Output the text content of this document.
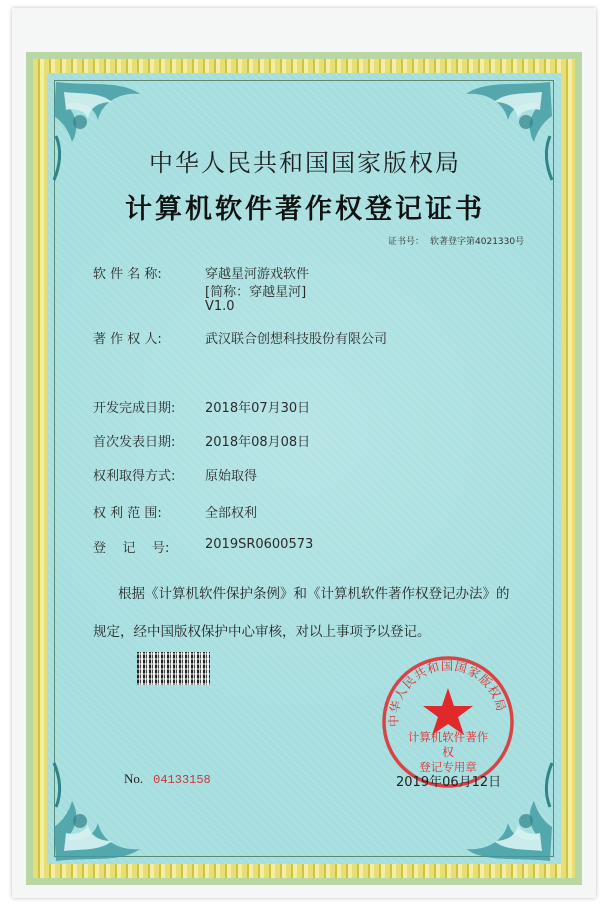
中华人民共和国国家版权局
计算机软件著作权登记证书
证书号： 软著登字第4021330号
软 件 名 称:	穿越星河游戏软件
[简称：穿越星河]
V1.0
著 作 权 人:	武汉联合创想科技股份有限公司
开发完成日期: 2018年07月30日
首次发表日期: 2018年08月08日
权利取得方式: 原始取得
权 利 范 围:	全部权利
登    记    号:	2019SR0600573
根据《计算机软件保护条例》和《计算机软件著作权登记办法》的
规定，经中国版权保护中心审核，对以上事项予以登记。
中华人民共和国国家版权局
计算机软件著作权
登记专用章
No. 04133158	2019年06月12日
